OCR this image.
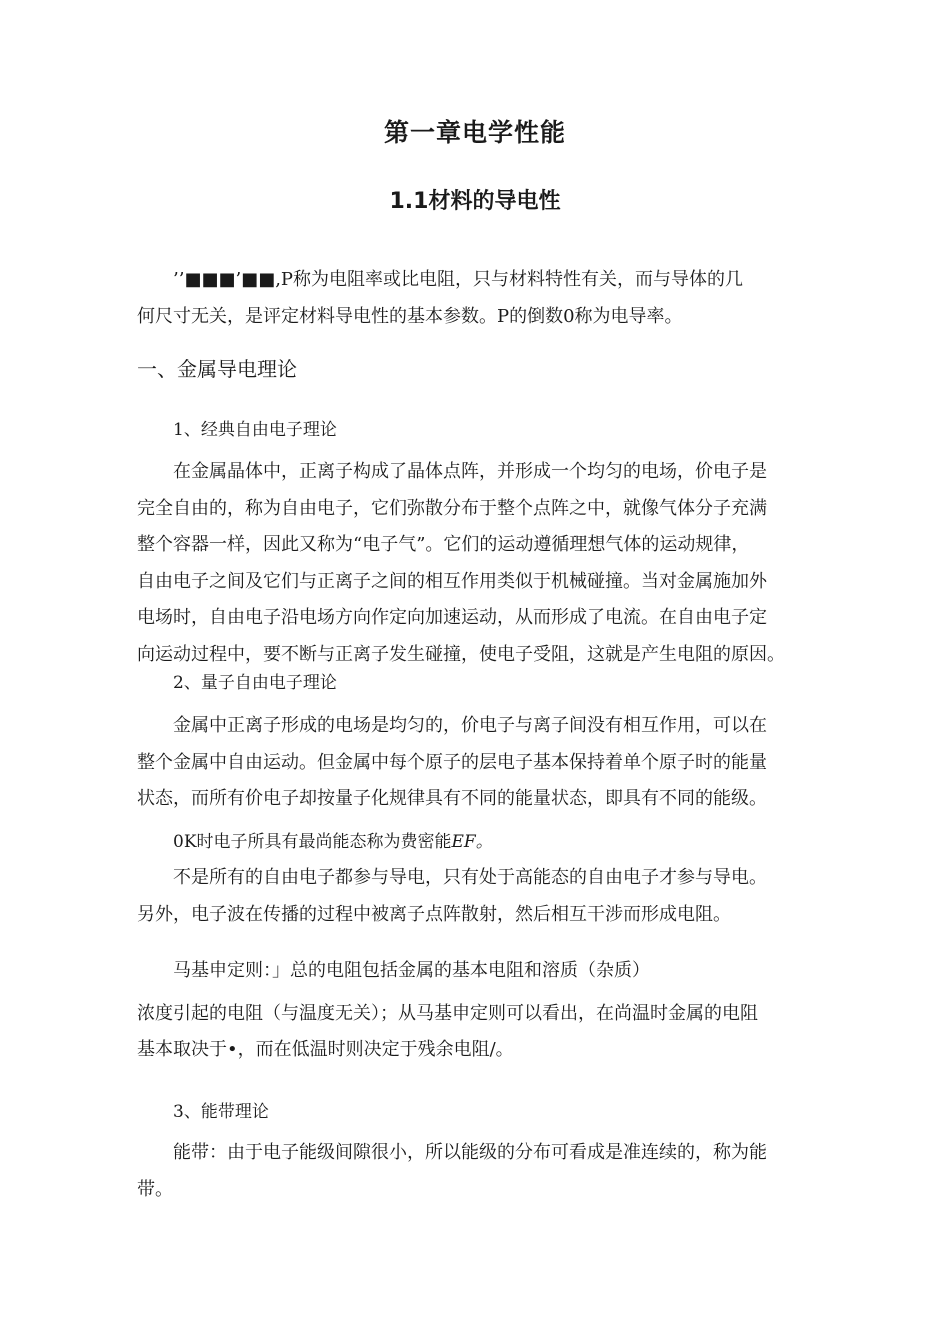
第一章电学性能
1.1材料的导电性
’’■■■’■■,P称为电阻率或比电阻，只与材料特性有关，而与导体的几
何尺寸无关，是评定材料导电性的基本参数。P的倒数0称为电导率。
一、金属导电理论
1、经典自由电子理论
在金属晶体中，正离子构成了晶体点阵，并形成一个均匀的电场，价电子是
完全自由的，称为自由电子，它们弥散分布于整个点阵之中，就像气体分子充满
整个容器一样，因此又称为“电子气”。它们的运动遵循理想气体的运动规律，
自由电子之间及它们与正离子之间的相互作用类似于机械碰撞。当对金属施加外
电场时，自由电子沿电场方向作定向加速运动，从而形成了电流。在自由电子定
向运动过程中，要不断与正离子发生碰撞，使电子受阻，这就是产生电阻的原因。
2、量子自由电子理论
金属中正离子形成的电场是均匀的，价电子与离子间没有相互作用，可以在
整个金属中自由运动。但金属中每个原子的层电子基本保持着单个原子时的能量
状态，而所有价电子却按量子化规律具有不同的能量状态，即具有不同的能级。
0K时电子所具有最尚能态称为费密能EF。
不是所有的自由电子都参与导电，只有处于高能态的自由电子才参与导电。
另外，电子波在传播的过程中被离子点阵散射，然后相互干涉而形成电阻。
马基申定则：」总的电阻包括金属的基本电阻和溶质（杂质）
浓度引起的电阻（与温度无关）；从马基申定则可以看出，在尚温时金属的电阻
基本取决于•，而在低温时则决定于残余电阻/。
3、能带理论
能带：由于电子能级间隙很小，所以能级的分布可看成是准连续的，称为能
带。
